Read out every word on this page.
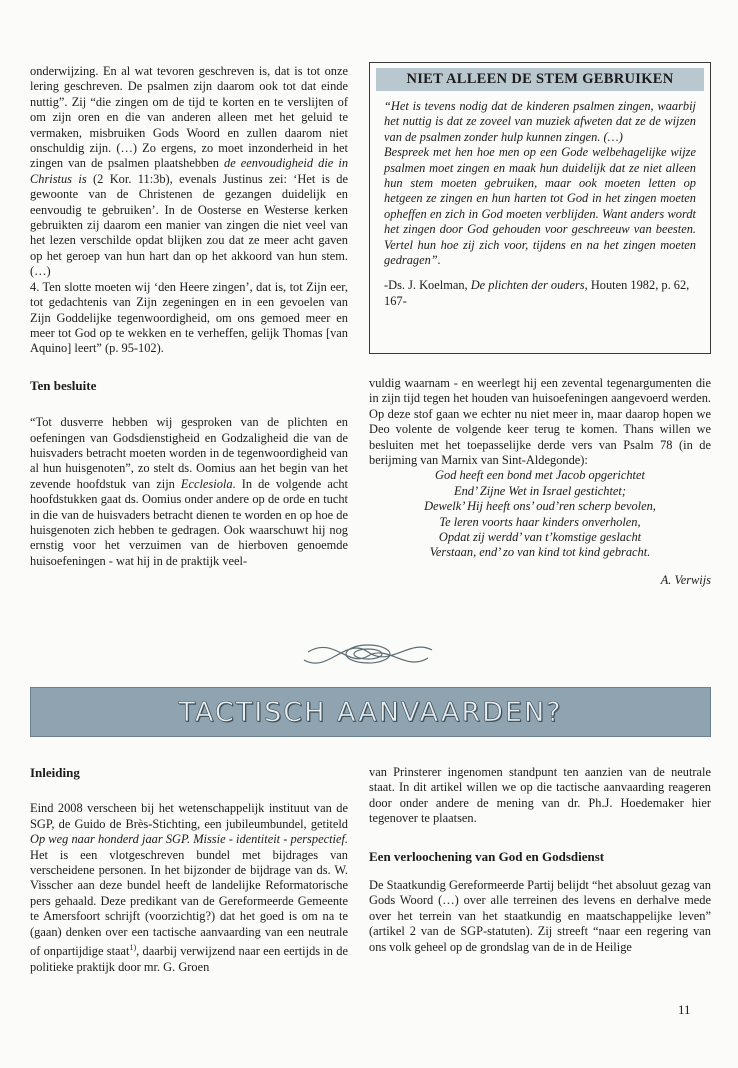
onderwijzing. En al wat tevoren geschreven is, dat is tot onze lering geschreven. De psalmen zijn daarom ook tot dat einde nuttig”. Zij “die zingen om de tijd te korten en te verslijten of om zijn oren en die van anderen alleen met het geluid te vermaken, misbruiken Gods Woord en zullen daarom niet onschuldig zijn. (…) Zo ergens, zo moet inzonderheid in het zingen van de psalmen plaatshebben de eenvoudigheid die in Christus is (2 Kor. 11:3b), evenals Justinus zei: ‘Het is de gewoonte van de Christenen de gezangen duidelijk en eenvoudig te gebruiken’. In de Oosterse en Westerse kerken gebruikten zij daarom een manier van zingen die niet veel van het lezen verschilde opdat blijken zou dat ze meer acht gaven op het geroep van hun hart dan op het akkoord van hun stem. (…)

4. Ten slotte moeten wij ‘den Heere zingen’, dat is, tot Zijn eer, tot gedachtenis van Zijn zegeningen en in een gevoelen van Zijn Goddelijke tegenwoordigheid, om ons gemoed meer en meer tot God op te wekken en te verheffen, gelijk Thomas [van Aquino] leert” (p. 95-102).

Ten besluite

“Tot dusverre hebben wij gesproken van de plichten en oefeningen van Godsdienstigheid en Godzaligheid die van de huisvaders betracht moeten worden in de tegenwoordigheid van al hun huisgenoten”, zo stelt ds. Oomius aan het begin van het zevende hoofdstuk van zijn Ecclesiola. In de volgende acht hoofdstukken gaat ds. Oomius onder andere op de orde en tucht in die van de huisvaders betracht dienen te worden en op hoe de huisgenoten zich hebben te gedragen. Ook waarschuwt hij nog ernstig voor het verzuimen van de hierboven genoemde huisoefeningen - wat hij in de praktijk veel-

NIET ALLEEN DE STEM GEBRUIKEN
“Het is tevens nodig dat de kinderen psalmen zingen, waarbij het nuttig is dat ze zoveel van muziek afweten dat ze de wijzen van de psalmen zonder hulp kunnen zingen. (…)
Bespreek met hen hoe men op een Gode welbehagelijke wijze psalmen moet zingen en maak hun duidelijk dat ze niet alleen hun stem moeten gebruiken, maar ook moeten letten op hetgeen ze zingen en hun harten tot God in het zingen moeten opheffen en zich in God moeten verblijden. Want anders wordt het zingen door God gehouden voor geschreeuw van beesten. Vertel hun hoe zij zich voor, tijdens en na het zingen moeten gedragen”.
-Ds. J. Koelman, De plichten der ouders, Houten 1982, p. 62, 167-

vuldig waarnam - en weerlegt hij een zevental tegenargumenten die in zijn tijd tegen het houden van huisoefeningen aangevoerd werden. Op deze stof gaan we echter nu niet meer in, maar daarop hopen we Deo volente de volgende keer terug te komen. Thans willen we besluiten met het toepasselijke derde vers van Psalm 78 (in de berijming van Marnix van Sint-Aldegonde):

God heeft een bond met Jacob opgerichtet
End’ Zijne Wet in Israel gestichtet;
Dewelk’ Hij heeft ons’ oud’ren scherp bevolen,
Te leren voorts haar kinders onverholen,
Opdat zij werdd’ van t’komstige geslacht
Verstaan, end’ zo van kind tot kind gebracht.

A. Verwijs

TACTISCH AANVAARDEN?

Inleiding

Eind 2008 verscheen bij het wetenschappelijk instituut van de SGP, de Guido de Brès-Stichting, een jubileumbundel, getiteld Op weg naar honderd jaar SGP. Missie - identiteit - perspectief. Het is een vlotgeschreven bundel met bijdrages van verscheidene personen. In het bijzonder de bijdrage van ds. W. Visscher aan deze bundel heeft de landelijke Reformatorische pers gehaald. Deze predikant van de Gereformeerde Gemeente te Amersfoort schrijft (voorzichtig?) dat het goed is om na te (gaan) denken over een tactische aanvaarding van een neutrale of onpartijdige staat$^{1)}$, daarbij verwijzend naar een eertijds in de politieke praktijk door mr. G. Groen

van Prinsterer ingenomen standpunt ten aanzien van de neutrale staat. In dit artikel willen we op die tactische aanvaarding reageren door onder andere de mening van dr. Ph.J. Hoedemaker hier tegenover te plaatsen.

Een verloochening van God en Godsdienst

De Staatkundig Gereformeerde Partij belijdt “het absoluut gezag van Gods Woord (…) over alle terreinen des levens en derhalve mede over het terrein van het staatkundig en maatschappelijke leven” (artikel 2 van de SGP-statuten). Zij streeft “naar een regering van ons volk geheel op de grondslag van de in de Heilige

11
